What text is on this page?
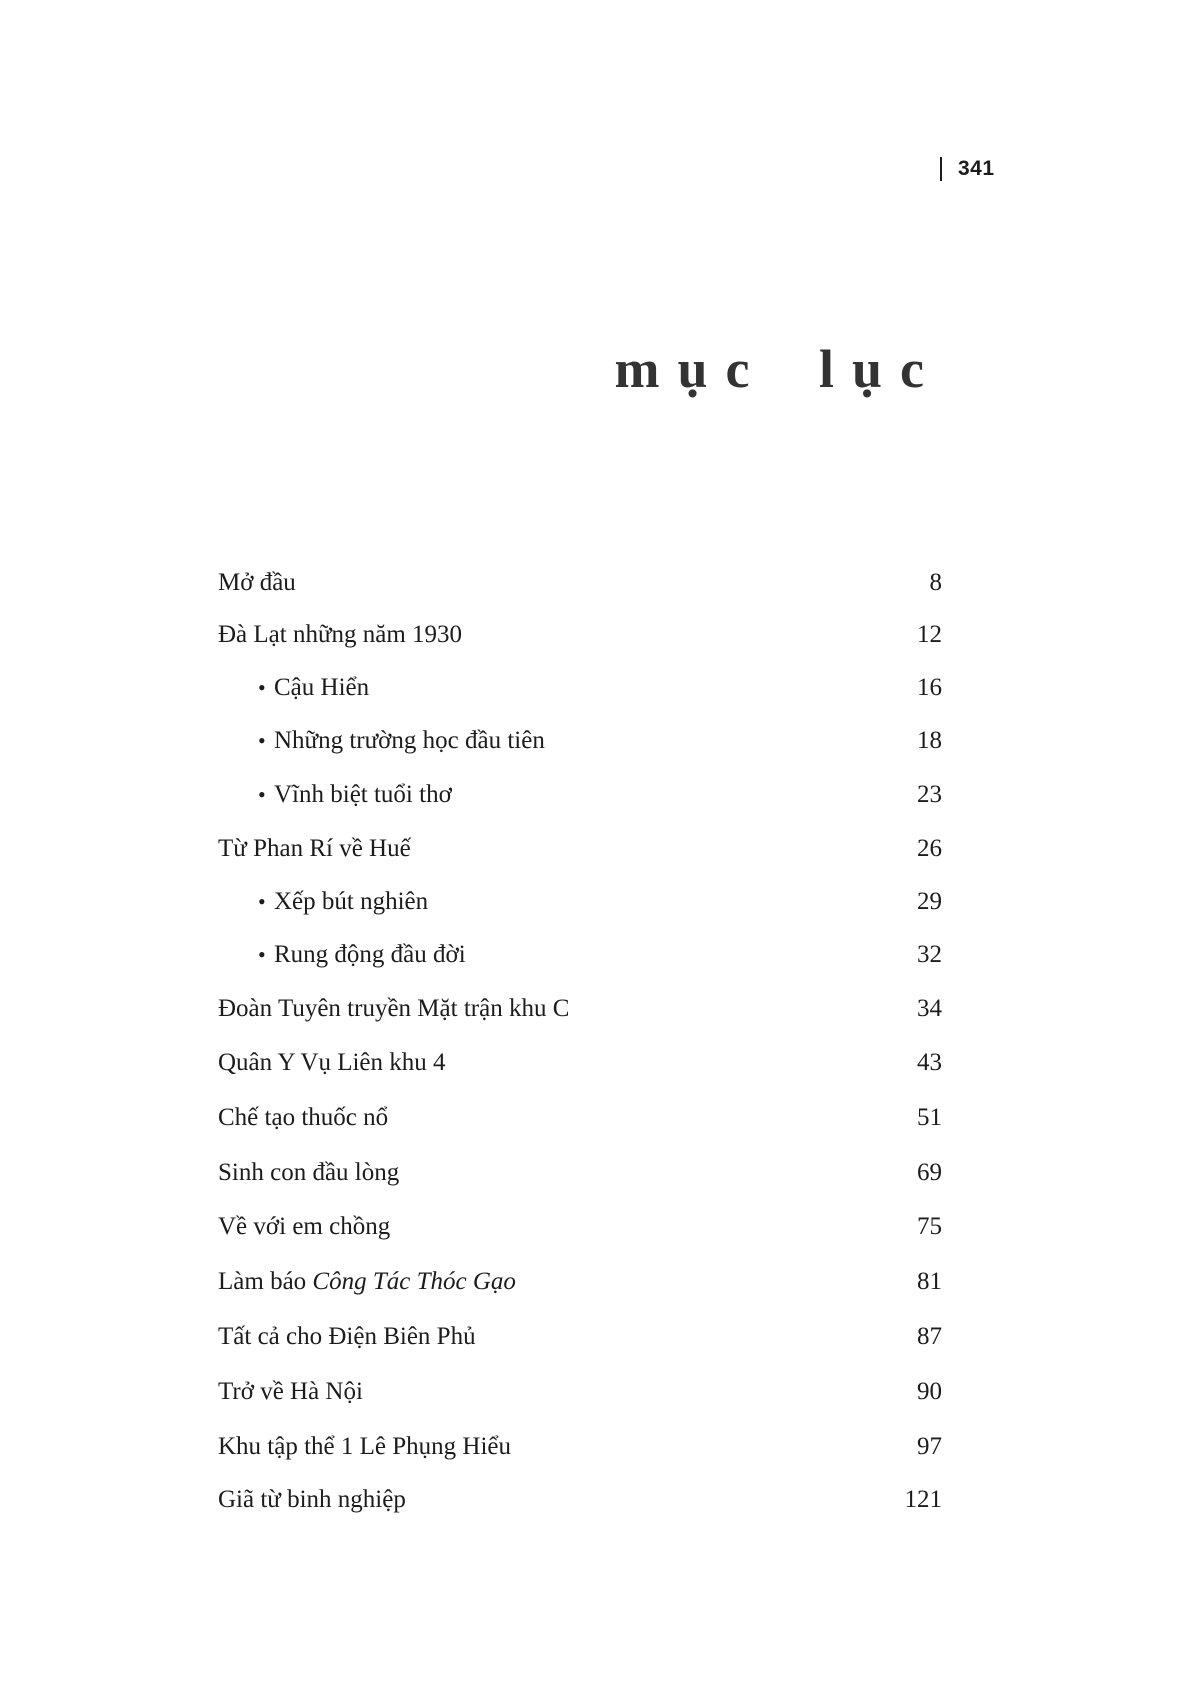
341
mục lục
Mở đầu	8
Đà Lạt những năm 1930	12
• Cậu Hiển	16
• Những trường học đầu tiên	18
• Vĩnh biệt tuổi thơ	23
Từ Phan Rí về Huế	26
• Xếp bút nghiên	29
• Rung động đầu đời	32
Đoàn Tuyên truyền Mặt trận khu C	34
Quân Y Vụ Liên khu 4	43
Chế tạo thuốc nổ	51
Sinh con đầu lòng	69
Về với em chồng	75
Làm báo Công Tác Thóc Gạo	81
Tất cả cho Điện Biên Phủ	87
Trở về Hà Nội	90
Khu tập thể 1 Lê Phụng Hiểu	97
Giã từ binh nghiệp	121
